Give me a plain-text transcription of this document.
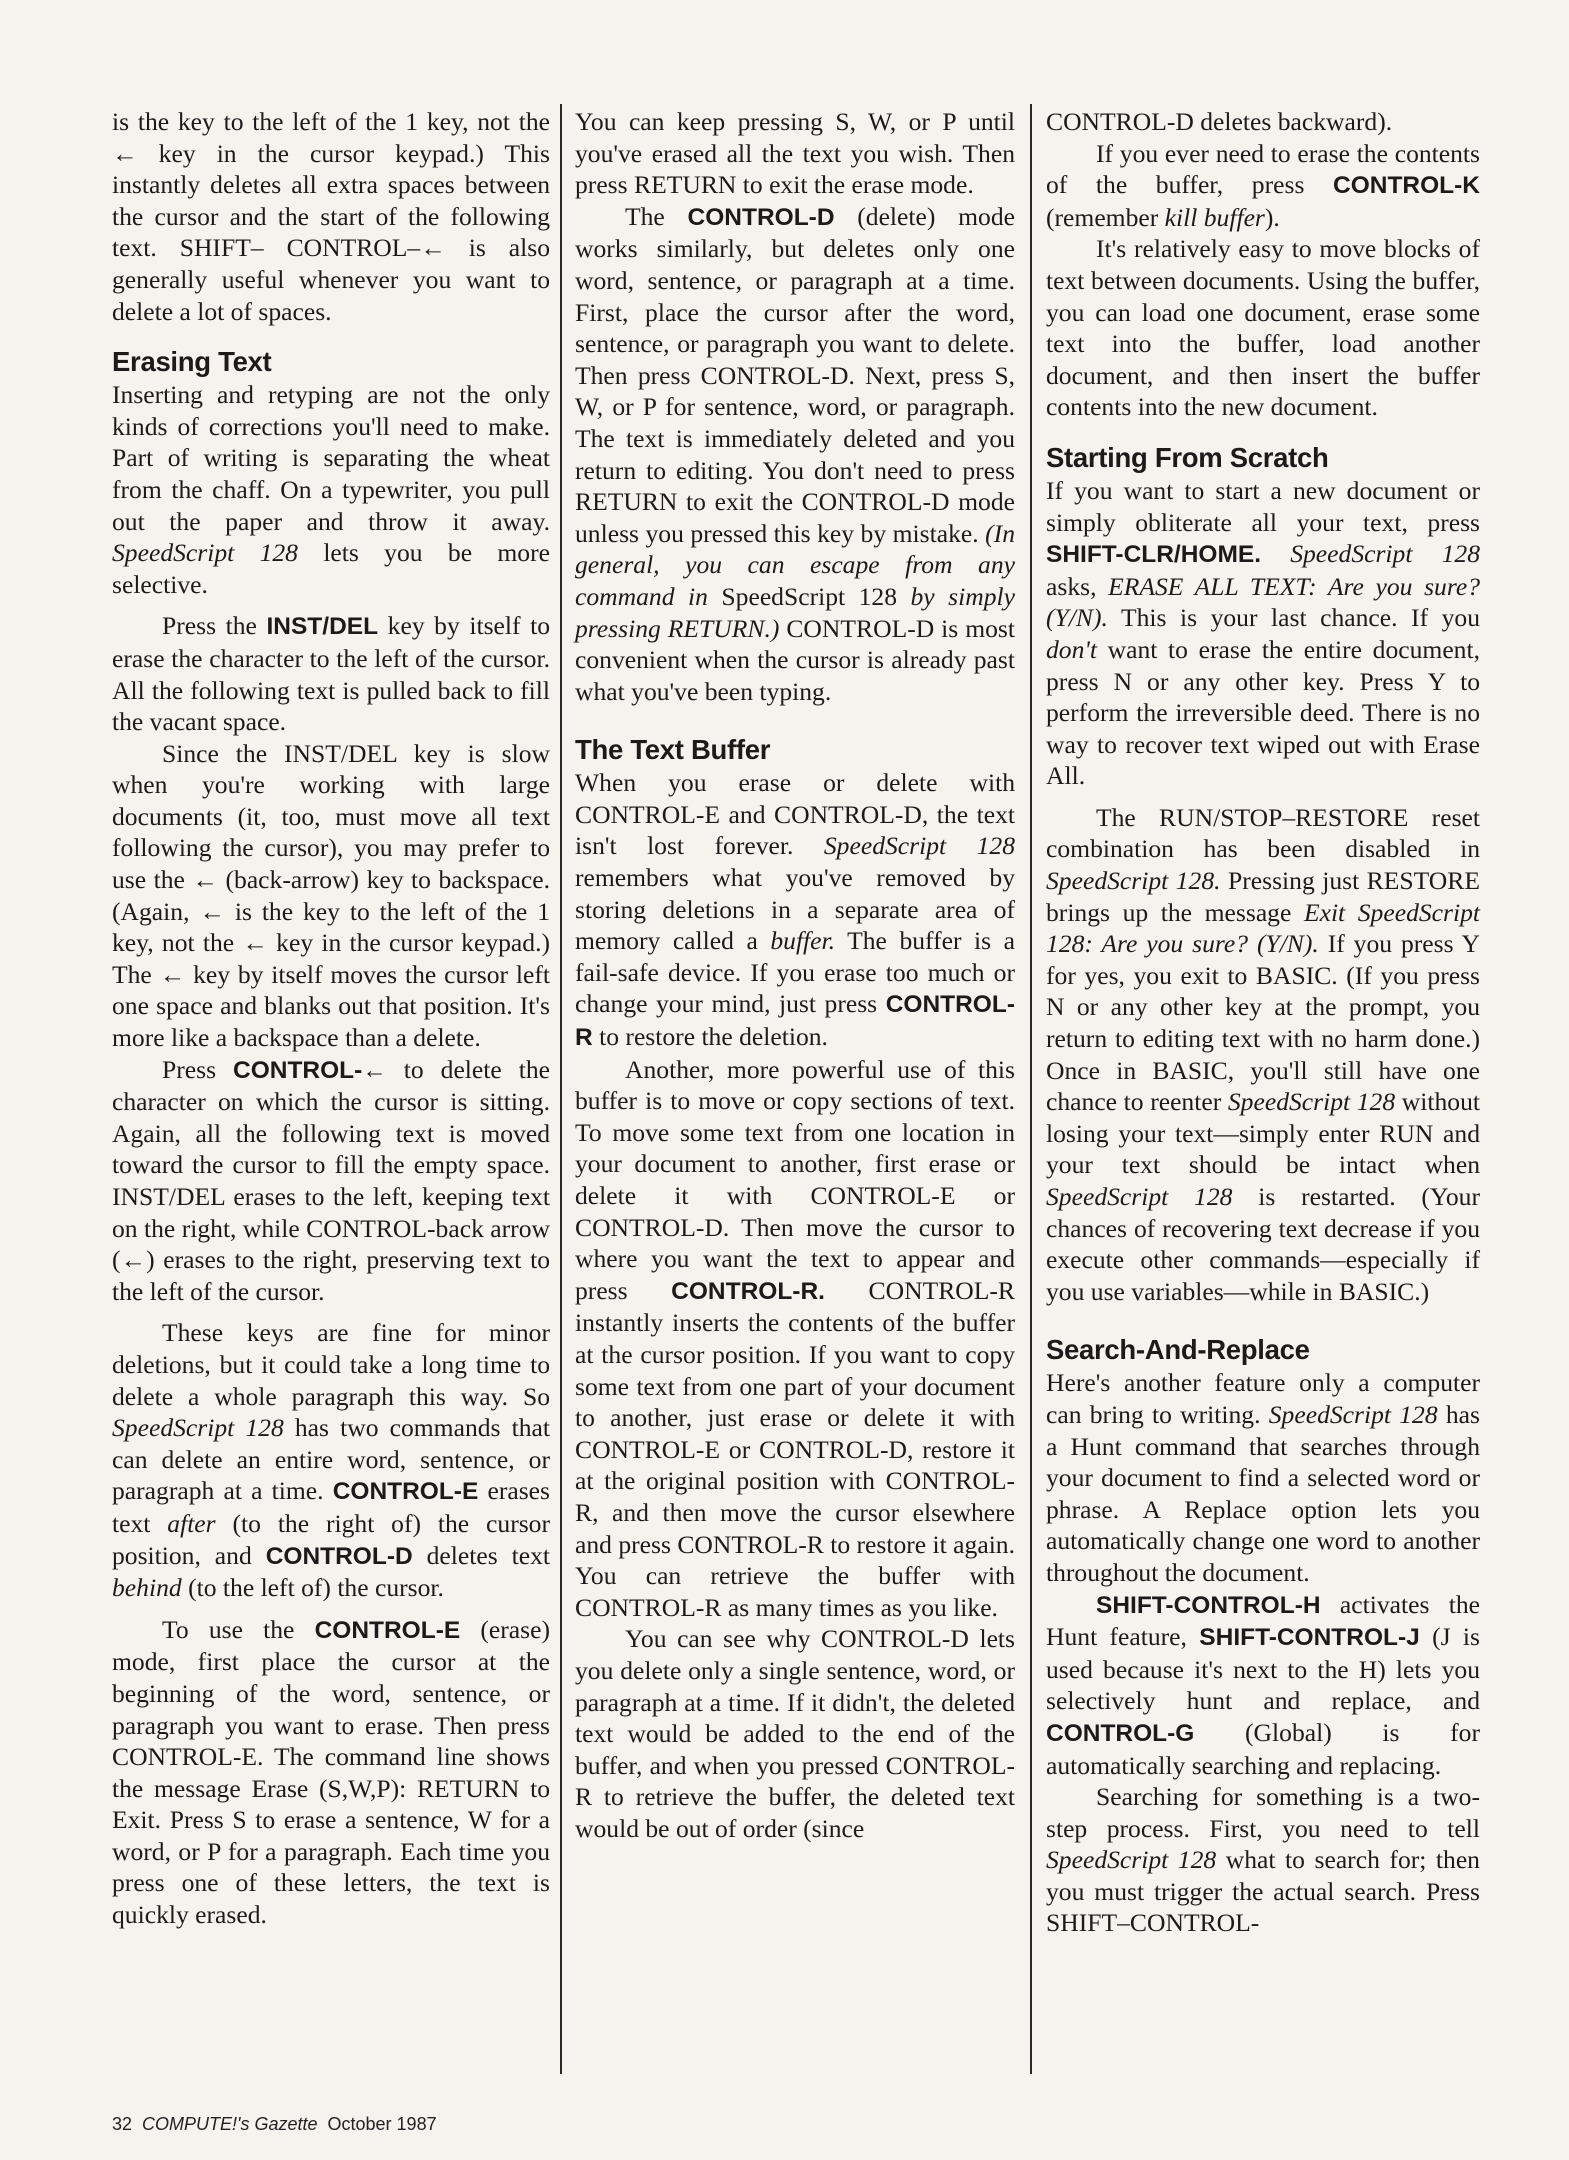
is the key to the left of the 1 key, not the ← key in the cursor keypad.) This instantly deletes all extra spaces between the cursor and the start of the following text. SHIFT– CONTROL–← is also generally useful whenever you want to delete a lot of spaces.

Erasing Text

Inserting and retyping are not the only kinds of corrections you'll need to make. Part of writing is separating the wheat from the chaff. On a typewriter, you pull out the paper and throw it away. SpeedScript 128 lets you be more selective.

Press the INST/DEL key by itself to erase the character to the left of the cursor. All the following text is pulled back to fill the vacant space.

Since the INST/DEL key is slow when you're working with large documents (it, too, must move all text following the cursor), you may prefer to use the ← (back-arrow) key to backspace. (Again, ← is the key to the left of the 1 key, not the ← key in the cursor keypad.) The ← key by itself moves the cursor left one space and blanks out that position. It's more like a backspace than a delete.

Press CONTROL-← to delete the character on which the cursor is sitting. Again, all the following text is moved toward the cursor to fill the empty space. INST/DEL erases to the left, keeping text on the right, while CONTROL-back arrow (←) erases to the right, preserving text to the left of the cursor.

These keys are fine for minor deletions, but it could take a long time to delete a whole paragraph this way. So SpeedScript 128 has two commands that can delete an entire word, sentence, or paragraph at a time. CONTROL-E erases text after (to the right of) the cursor position, and CONTROL-D deletes text behind (to the left of) the cursor.

To use the CONTROL-E (erase) mode, first place the cursor at the beginning of the word, sentence, or paragraph you want to erase. Then press CONTROL-E. The command line shows the message Erase (S,W,P): RETURN to Exit. Press S to erase a sentence, W for a word, or P for a paragraph. Each time you press one of these letters, the text is quickly erased.

You can keep pressing S, W, or P until you've erased all the text you wish. Then press RETURN to exit the erase mode.

The CONTROL-D (delete) mode works similarly, but deletes only one word, sentence, or paragraph at a time. First, place the cursor after the word, sentence, or paragraph you want to delete. Then press CONTROL-D. Next, press S, W, or P for sentence, word, or paragraph. The text is immediately deleted and you return to editing. You don't need to press RETURN to exit the CONTROL-D mode unless you pressed this key by mistake. (In general, you can escape from any command in SpeedScript 128 by simply pressing RETURN.) CONTROL-D is most convenient when the cursor is already past what you've been typing.

The Text Buffer

When you erase or delete with CONTROL-E and CONTROL-D, the text isn't lost forever. SpeedScript 128 remembers what you've removed by storing deletions in a separate area of memory called a buffer. The buffer is a fail-safe device. If you erase too much or change your mind, just press CONTROL-R to restore the deletion.

Another, more powerful use of this buffer is to move or copy sections of text. To move some text from one location in your document to another, first erase or delete it with CONTROL-E or CONTROL-D. Then move the cursor to where you want the text to appear and press CONTROL-R. CONTROL-R instantly inserts the contents of the buffer at the cursor position. If you want to copy some text from one part of your document to another, just erase or delete it with CONTROL-E or CONTROL-D, restore it at the original position with CONTROL-R, and then move the cursor elsewhere and press CONTROL-R to restore it again. You can retrieve the buffer with CONTROL-R as many times as you like.

You can see why CONTROL-D lets you delete only a single sentence, word, or paragraph at a time. If it didn't, the deleted text would be added to the end of the buffer, and when you pressed CONTROL-R to retrieve the buffer, the deleted text would be out of order (since

CONTROL-D deletes backward).

If you ever need to erase the contents of the buffer, press CONTROL-K (remember kill buffer).

It's relatively easy to move blocks of text between documents. Using the buffer, you can load one document, erase some text into the buffer, load another document, and then insert the buffer contents into the new document.

Starting From Scratch

If you want to start a new document or simply obliterate all your text, press SHIFT-CLR/HOME. SpeedScript 128 asks, ERASE ALL TEXT: Are you sure? (Y/N). This is your last chance. If you don't want to erase the entire document, press N or any other key. Press Y to perform the irreversible deed. There is no way to recover text wiped out with Erase All.

The RUN/STOP–RESTORE reset combination has been disabled in SpeedScript 128. Pressing just RESTORE brings up the message Exit SpeedScript 128: Are you sure? (Y/N). If you press Y for yes, you exit to BASIC. (If you press N or any other key at the prompt, you return to editing text with no harm done.) Once in BASIC, you'll still have one chance to reenter SpeedScript 128 without losing your text—simply enter RUN and your text should be intact when SpeedScript 128 is restarted. (Your chances of recovering text decrease if you execute other commands—especially if you use variables—while in BASIC.)

Search-And-Replace

Here's another feature only a computer can bring to writing. SpeedScript 128 has a Hunt command that searches through your document to find a selected word or phrase. A Replace option lets you automatically change one word to another throughout the document.

SHIFT-CONTROL-H activates the Hunt feature, SHIFT-CONTROL-J (J is used because it's next to the H) lets you selectively hunt and replace, and CONTROL-G (Global) is for automatically searching and replacing.

Searching for something is a two-step process. First, you need to tell SpeedScript 128 what to search for; then you must trigger the actual search. Press SHIFT–CONTROL-

32 COMPUTE!'s Gazette October 1987
